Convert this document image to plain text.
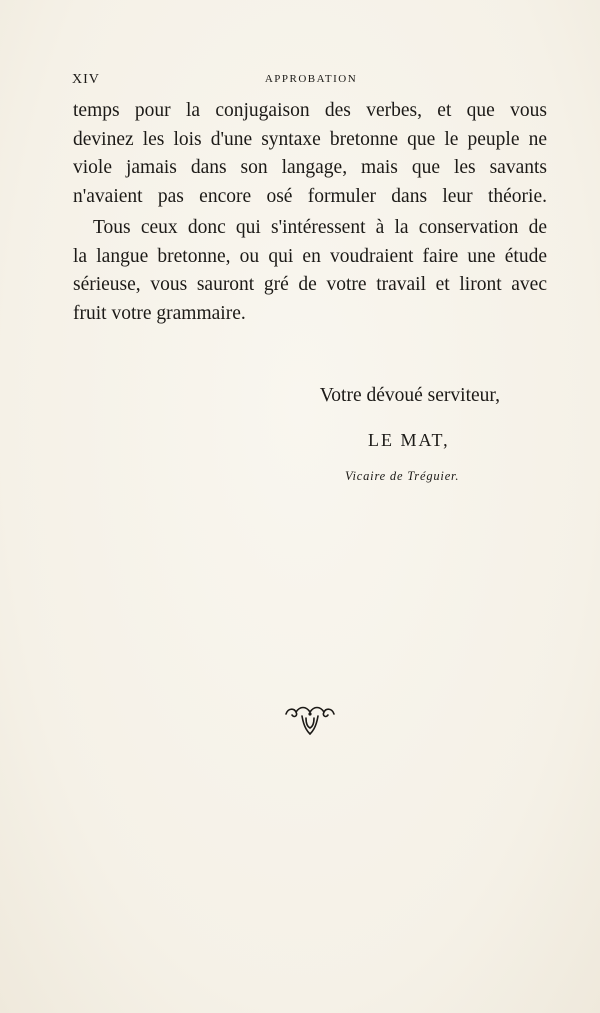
XIV	APPROBATION
temps pour la conjugaison des verbes, et que vous
devinez les lois d'une syntaxe bretonne que le peuple ne
viole jamais dans son langage, mais que les savants
n'avaient pas encore osé formuler dans leur théorie.
Tous ceux donc qui s'intéressent à la conservation de
la langue bretonne, ou qui en voudraient faire une étude
sérieuse, vous sauront gré de votre travail et liront avec
fruit votre grammaire.
Votre dévoué serviteur,
LE MAT,
Vicaire de Tréguier.
